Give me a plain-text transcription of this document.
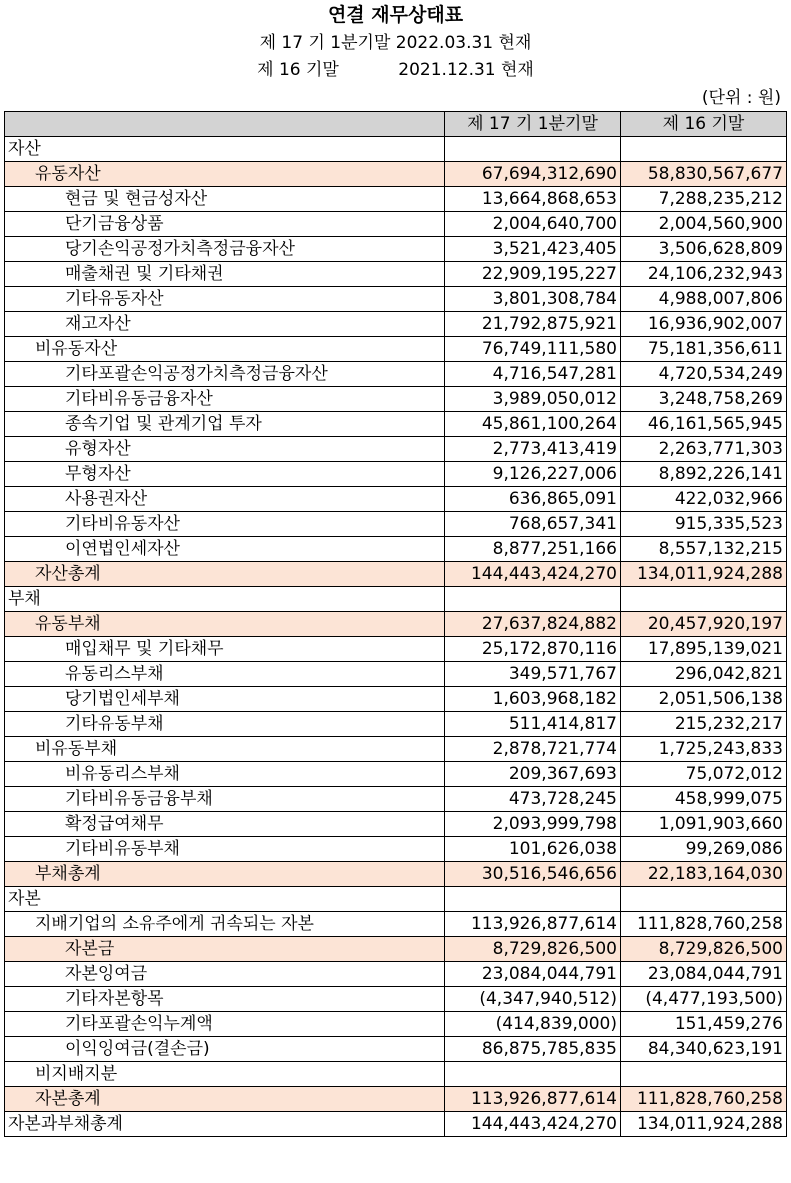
연결 재무상태표
제 17 기 1분기말 2022.03.31 현재
제 16 기말           2021.12.31 현재
(단위 : 원)
	제 17 기 1분기말	제 16 기말
자산		
유동자산	67,694,312,690	58,830,567,677
현금 및 현금성자산	13,664,868,653	7,288,235,212
단기금융상품	2,004,640,700	2,004,560,900
당기손익공정가치측정금융자산	3,521,423,405	3,506,628,809
매출채권 및 기타채권	22,909,195,227	24,106,232,943
기타유동자산	3,801,308,784	4,988,007,806
재고자산	21,792,875,921	16,936,902,007
비유동자산	76,749,111,580	75,181,356,611
기타포괄손익공정가치측정금융자산	4,716,547,281	4,720,534,249
기타비유동금융자산	3,989,050,012	3,248,758,269
종속기업 및 관계기업 투자	45,861,100,264	46,161,565,945
유형자산	2,773,413,419	2,263,771,303
무형자산	9,126,227,006	8,892,226,141
사용권자산	636,865,091	422,032,966
기타비유동자산	768,657,341	915,335,523
이연법인세자산	8,877,251,166	8,557,132,215
자산총계	144,443,424,270	134,011,924,288
부채		
유동부채	27,637,824,882	20,457,920,197
매입채무 및 기타채무	25,172,870,116	17,895,139,021
유동리스부채	349,571,767	296,042,821
당기법인세부채	1,603,968,182	2,051,506,138
기타유동부채	511,414,817	215,232,217
비유동부채	2,878,721,774	1,725,243,833
비유동리스부채	209,367,693	75,072,012
기타비유동금융부채	473,728,245	458,999,075
확정급여채무	2,093,999,798	1,091,903,660
기타비유동부채	101,626,038	99,269,086
부채총계	30,516,546,656	22,183,164,030
자본		
지배기업의 소유주에게 귀속되는 자본	113,926,877,614	111,828,760,258
자본금	8,729,826,500	8,729,826,500
자본잉여금	23,084,044,791	23,084,044,791
기타자본항목	(4,347,940,512)	(4,477,193,500)
기타포괄손익누계액	(414,839,000)	151,459,276
이익잉여금(결손금)	86,875,785,835	84,340,623,191
비지배지분		
자본총계	113,926,877,614	111,828,760,258
자본과부채총계	144,443,424,270	134,011,924,288
